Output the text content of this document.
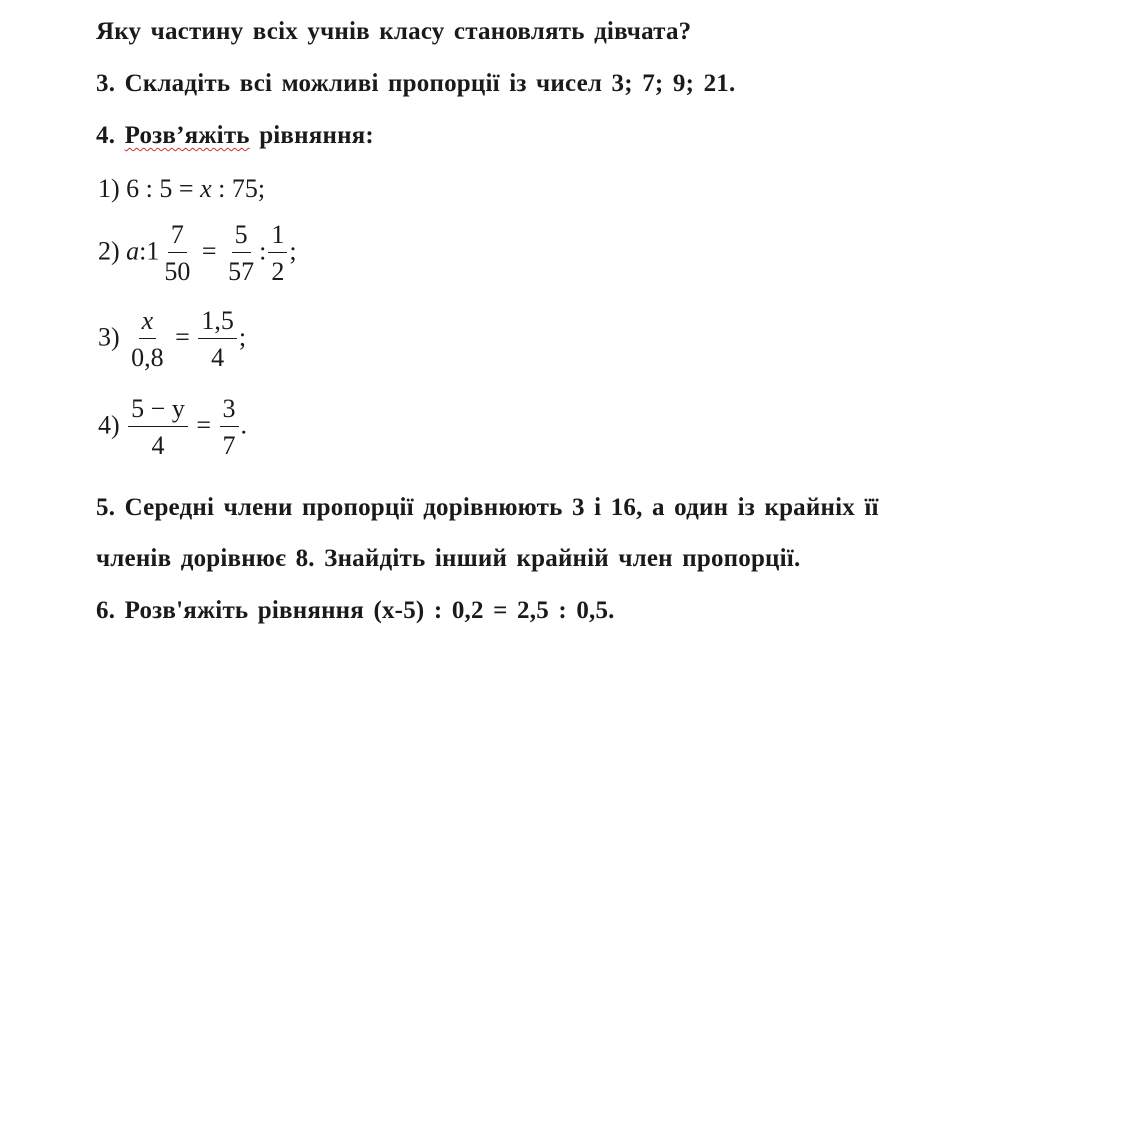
Яку частину всіх учнів класу становлять дівчата?
3. Складіть всі можливі пропорції із чисел 3; 7; 9; 21.
4. Розв’яжіть рівняння:
1) 6 : 5 = x : 75;
2) a:1 $\frac{7}{50} = \frac{5}{57}$ : $\frac{1}{2}$ ;
$3) \frac{x}{0,8} = \frac{1,5}{4}$ ;
$4) \frac{5 - y}{4} = \frac{3}{7}$ .
5. Середні члени пропорції дорівнюють 3 і 16, а один із крайніх її
членів дорівнює 8. Знайдіть інший крайній член пропорції.
6. Розв'яжіть рівняння (х-5) : 0,2 = 2,5 : 0,5.
